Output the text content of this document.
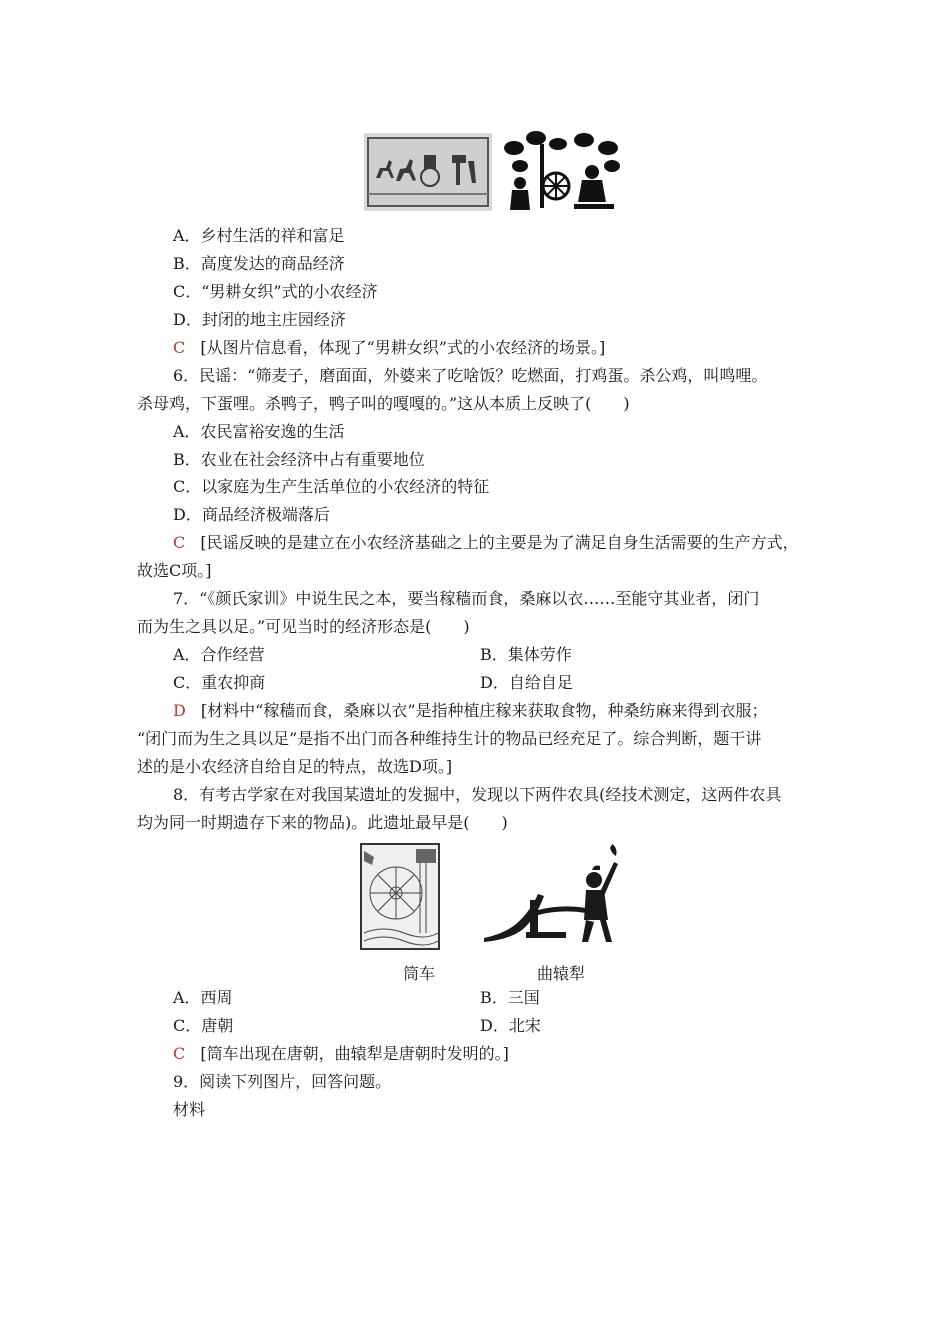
A．乡村生活的祥和富足
B．高度发达的商品经济
C．“男耕女织”式的小农经济
D．封闭的地主庄园经济
C [从图片信息看，体现了“男耕女织”式的小农经济的场景。]
6．民谣：“筛麦子，磨面面，外婆来了吃啥饭？吃燃面，打鸡蛋。杀公鸡，叫鸣哩。
杀母鸡，下蛋哩。杀鸭子，鸭子叫的嘎嘎的。”这从本质上反映了(　　)
A．农民富裕安逸的生活
B．农业在社会经济中占有重要地位
C．以家庭为生产生活单位的小农经济的特征
D．商品经济极端落后
C [民谣反映的是建立在小农经济基础之上的主要是为了满足自身生活需要的生产方式，
故选C项。]
7．“《颜氏家训》中说生民之本，要当稼穑而食，桑麻以衣……至能守其业者，闭门
而为生之具以足。”可见当时的经济形态是(　　)
A．合作经营	B．集体劳作
C．重农抑商	D．自给自足
D [材料中“稼穑而食，桑麻以衣”是指种植庄稼来获取食物，种桑纺麻来得到衣服；
“闭门而为生之具以足”是指不出门而各种维持生计的物品已经充足了。综合判断，题干讲
述的是小农经济自给自足的特点，故选D项。]
8．有考古学家在对我国某遗址的发掘中，发现以下两件农具(经技术测定，这两件农具
均为同一时期遗存下来的物品)。此遗址最早是(　　)
筒车	曲辕犁
A．西周	B．三国
C．唐朝	D．北宋
C [筒车出现在唐朝，曲辕犁是唐朝时发明的。]
9．阅读下列图片，回答问题。
材料
